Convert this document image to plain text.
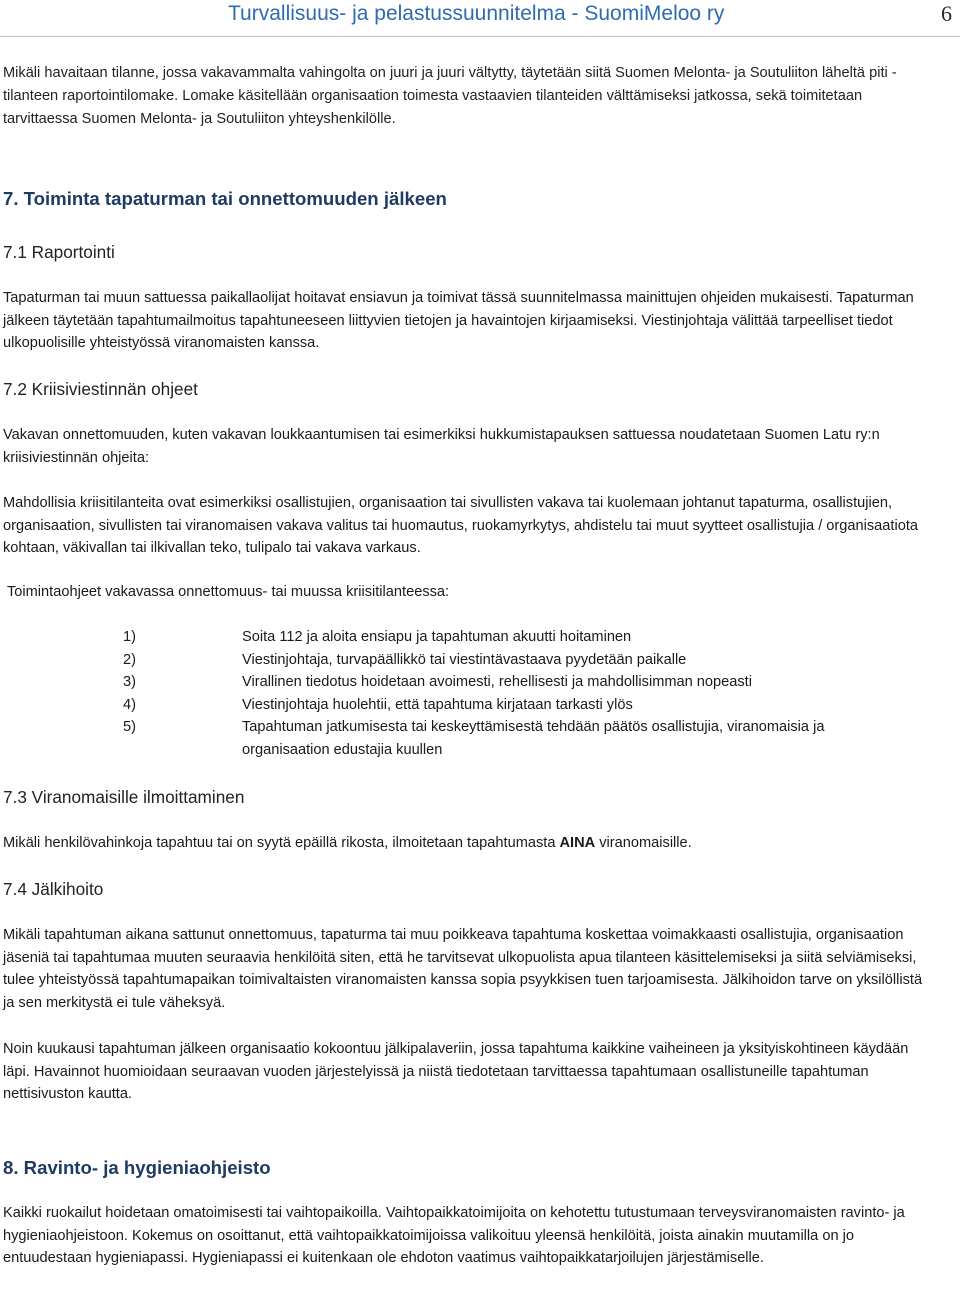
Turvallisuus- ja pelastussuunnitelma - SuomiMeloo ry	6
Mikäli havaitaan tilanne, jossa vakavammalta vahingolta on juuri ja juuri vältytty, täytetään siitä Suomen Melonta- ja Soutuliiton läheltä piti -tilanteen raportointilomake. Lomake käsitellään organisaation toimesta vastaavien tilanteiden välttämiseksi jatkossa, sekä toimitetaan tarvittaessa Suomen Melonta- ja Soutuliiton yhteyshenkilölle.
7. Toiminta tapaturman tai onnettomuuden jälkeen
7.1 Raportointi
Tapaturman tai muun sattuessa paikallaolijat hoitavat ensiavun ja toimivat tässä suunnitelmassa mainittujen ohjeiden mukaisesti. Tapaturman jälkeen täytetään tapahtumailmoitus tapahtuneeseen liittyvien tietojen ja havaintojen kirjaamiseksi. Viestinjohtaja välittää tarpeelliset tiedot ulkopuolisille yhteistyössä viranomaisten kanssa.
7.2 Kriisiviestinnän ohjeet
Vakavan onnettomuuden, kuten vakavan loukkaantumisen tai esimerkiksi hukkumistapauksen sattuessa noudatetaan Suomen Latu ry:n kriisiviestinnän ohjeita:
Mahdollisia kriisitilanteita ovat esimerkiksi osallistujien, organisaation tai sivullisten vakava tai kuolemaan johtanut tapaturma, osallistujien, organisaation, sivullisten tai viranomaisen vakava valitus tai huomautus, ruokamyrkytys, ahdistelu tai muut syytteet osallistujia / organisaatiota kohtaan, väkivallan tai ilkivallan teko, tulipalo tai vakava varkaus.
Toimintaohjeet vakavassa onnettomuus- tai muussa kriisitilanteessa:
1)	Soita 112 ja aloita ensiapu ja tapahtuman akuutti hoitaminen
2)	Viestinjohtaja, turvapäällikkö tai viestintävastaava pyydetään paikalle
3)	Virallinen tiedotus hoidetaan avoimesti, rehellisesti ja mahdollisimman nopeasti
4)	Viestinjohtaja huolehtii, että tapahtuma kirjataan tarkasti ylös
5)	Tapahtuman jatkumisesta tai keskeyttämisestä tehdään päätös osallistujia, viranomaisia ja organisaation edustajia kuullen
7.3 Viranomaisille ilmoittaminen
Mikäli henkilövahinkoja tapahtuu tai on syytä epäillä rikosta, ilmoitetaan tapahtumasta AINA viranomaisille.
7.4 Jälkihoito
Mikäli tapahtuman aikana sattunut onnettomuus, tapaturma tai muu poikkeava tapahtuma koskettaa voimakkaasti osallistujia, organisaation jäseniä tai tapahtumaa muuten seuraavia henkilöitä siten, että he tarvitsevat ulkopuolista apua tilanteen käsittelemiseksi ja siitä selviämiseksi, tulee yhteistyössä tapahtumapaikan toimivaltaisten viranomaisten kanssa sopia psyykkisen tuen tarjoamisesta. Jälkihoidon tarve on yksilöllistä ja sen merkitystä ei tule väheksyä.
Noin kuukausi tapahtuman jälkeen organisaatio kokoontuu jälkipalaveriin, jossa tapahtuma kaikkine vaiheineen ja yksityiskohtineen käydään läpi. Havainnot huomioidaan seuraavan vuoden järjestelyissä ja niistä tiedotetaan tarvittaessa tapahtumaan osallistuneille tapahtuman nettisivuston kautta.
8. Ravinto- ja hygieniaohjeisto
Kaikki ruokailut hoidetaan omatoimisesti tai vaihtopaikoilla. Vaihtopaikkatoimijoita on kehotettu tutustumaan terveysviranomaisten ravinto- ja hygieniaohjeistoon. Kokemus on osoittanut, että vaihtopaikkatoimijoissa valikoituu yleensä henkilöitä, joista ainakin muutamilla on jo entuudestaan hygieniapassi. Hygieniapassi ei kuitenkaan ole ehdoton vaatimus vaihtopaikkatarjoilujen järjestämiselle.
